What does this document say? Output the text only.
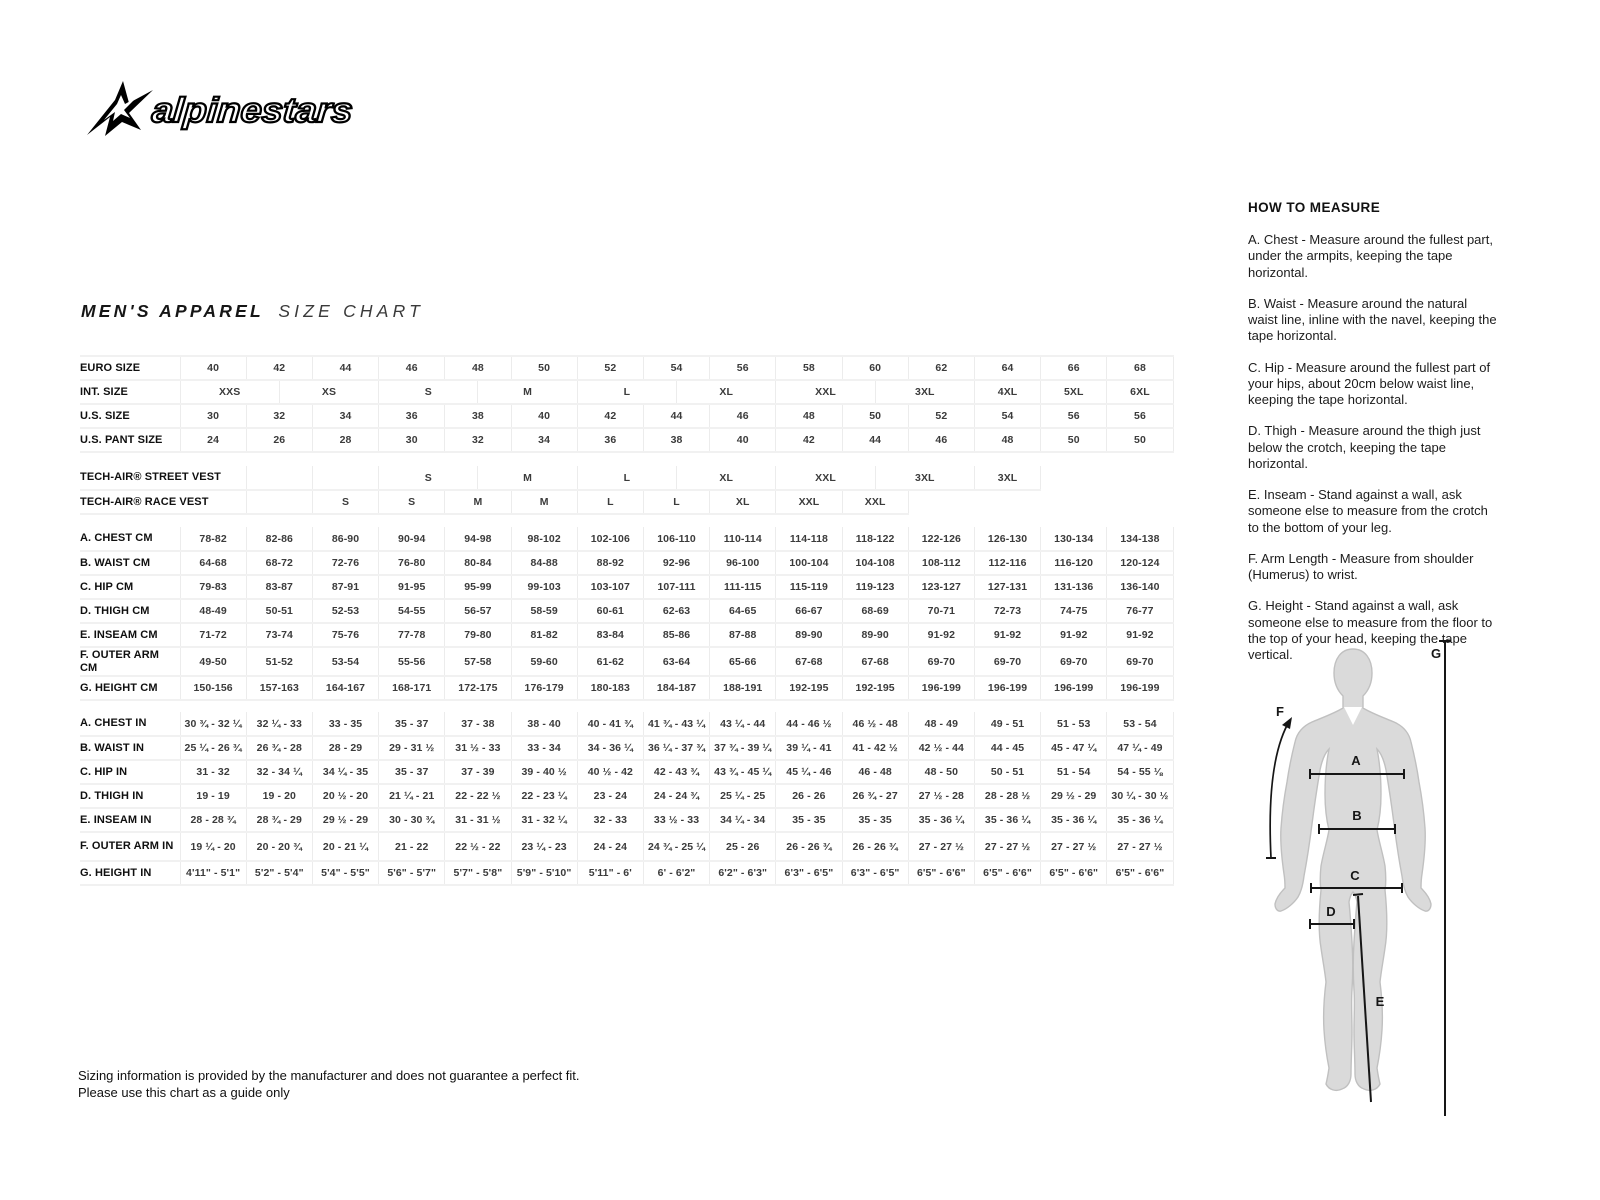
alpinestars
MEN'S APPAREL SIZE CHART
EURO SIZE	40	42		44	46	48		50	52	54		56	58	60		62	64	66	68
INT. SIZE	XXS		XS		S		M		L		XL		XXL		3XL		4XL	5XL	6XL
U.S. SIZE	30	32		34	36	38		40	42	44		46	48	50		52	54	56	56
U.S. PANT SIZE	24	26		28	30	32		34	36	38		40	42	44		46	48	50	50

TECH-AIR® STREET VEST					S		M		L		XL		XXL		3XL		3XL		
TECH-AIR® RACE VEST				S	S	M		M	L	L		XL	XXL	XXL					

A. CHEST CM	78-82	82-86		86-90	90-94	94-98		98-102	102-106	106-110		110-114	114-118	118-122		122-126	126-130	130-134	134-138
B. WAIST CM	64-68	68-72		72-76	76-80	80-84		84-88	88-92	92-96		96-100	100-104	104-108		108-112	112-116	116-120	120-124
C. HIP CM	79-83	83-87		87-91	91-95	95-99		99-103	103-107	107-111		111-115	115-119	119-123		123-127	127-131	131-136	136-140
D. THIGH CM	48-49	50-51		52-53	54-55	56-57		58-59	60-61	62-63		64-65	66-67	68-69		70-71	72-73	74-75	76-77
E. INSEAM CM	71-72	73-74		75-76	77-78	79-80		81-82	83-84	85-86		87-88	89-90	89-90		91-92	91-92	91-92	91-92
F. OUTER ARM CM	49-50	51-52		53-54	55-56	57-58		59-60	61-62	63-64		65-66	67-68	67-68		69-70	69-70	69-70	69-70
G. HEIGHT CM	150-156	157-163		164-167	168-171	172-175		176-179	180-183	184-187		188-191	192-195	192-195		196-199	196-199	196-199	196-199

A. CHEST IN	30 ¾ - 32 ¼	32 ¼ - 33		33 - 35	35 - 37	37 - 38		38 - 40	40 - 41 ¾	41 ¾ - 43 ¼		43 ¼ - 44	44 - 46 ½	46 ½ - 48		48 - 49	49 - 51	51 - 53	53 - 54
B. WAIST IN	25 ¼ - 26 ¾	26 ¾ - 28		28 - 29	29 - 31 ½	31 ½ - 33		33 - 34	34 - 36 ¼	36 ¼ - 37 ¾		37 ¾ - 39 ¼	39 ¼ - 41	41 - 42 ½		42 ½ - 44	44 - 45	45 - 47 ¼	47 ¼ - 49
C. HIP IN	31 - 32	32 - 34 ¼		34 ¼ - 35	35 - 37	37 - 39		39 - 40 ½	40 ½ - 42	42 - 43 ¾		43 ¾ - 45 ¼	45 ¼ - 46	46 - 48		48 - 50	50 - 51	51 - 54	54 - 55 ⅛
D. THIGH IN	19 - 19	19 - 20		20 ½ - 20	21 ¼ - 21	22 - 22 ½		22 - 23 ¼	23 - 24	24 - 24 ¾		25 ¼ - 25	26 - 26	26 ¾ - 27		27 ½ - 28	28 - 28 ½	29 ½ - 29	30 ¼ - 30 ½
E. INSEAM IN	28 - 28 ¾	28 ¾ - 29		29 ½ - 29	30 - 30 ¾	31 - 31 ½		31 - 32 ¼	32 - 33	33 ½ - 33		34 ¼ - 34	35 - 35	35 - 35		35 - 36 ¼	35 - 36 ¼	35 - 36 ¼	35 - 36 ¼
F. OUTER ARM IN	19 ¼ - 20	20 - 20 ¾		20 - 21 ¼	21 - 22	22 ½ - 22		23 ¼ - 23	24 - 24	24 ¾ - 25 ¼		25 - 26	26 - 26 ¾	26 - 26 ¾		27 - 27 ½	27 - 27 ½	27 - 27 ½	27 - 27 ½
G. HEIGHT IN	4'11" - 5'1"	5'2" - 5'4"		5'4" - 5'5"	5'6" - 5'7"	5'7" - 5'8"		5'9" - 5'10"	5'11" - 6'	6' - 6'2"		6'2" - 6'3"	6'3" - 6'5"	6'3" - 6'5"		6'5" - 6'6"	6'5" - 6'6"	6'5" - 6'6"	6'5" - 6'6"
HOW TO MEASURE

A. Chest - Measure around the fullest part, under the armpits, keeping the tape horizontal.

B. Waist - Measure around the natural waist line, inline with the navel, keeping the tape horizontal.

C. Hip - Measure around the fullest part of your hips, about 20cm below waist line, keeping the tape horizontal.

D. Thigh - Measure around the thigh just below the crotch, keeping the tape horizontal.

E. Inseam - Stand against a wall, ask someone else to measure from the crotch to the bottom of your leg.

F. Arm Length - Measure from shoulder (Humerus) to wrist.

G. Height - Stand against a wall, ask someone else to measure from the floor to the top of your head, keeping the tape vertical.

A
B
C
D
E
F
G
Sizing information is provided by the manufacturer and does not guarantee a perfect fit.
Please use this chart as a guide only
